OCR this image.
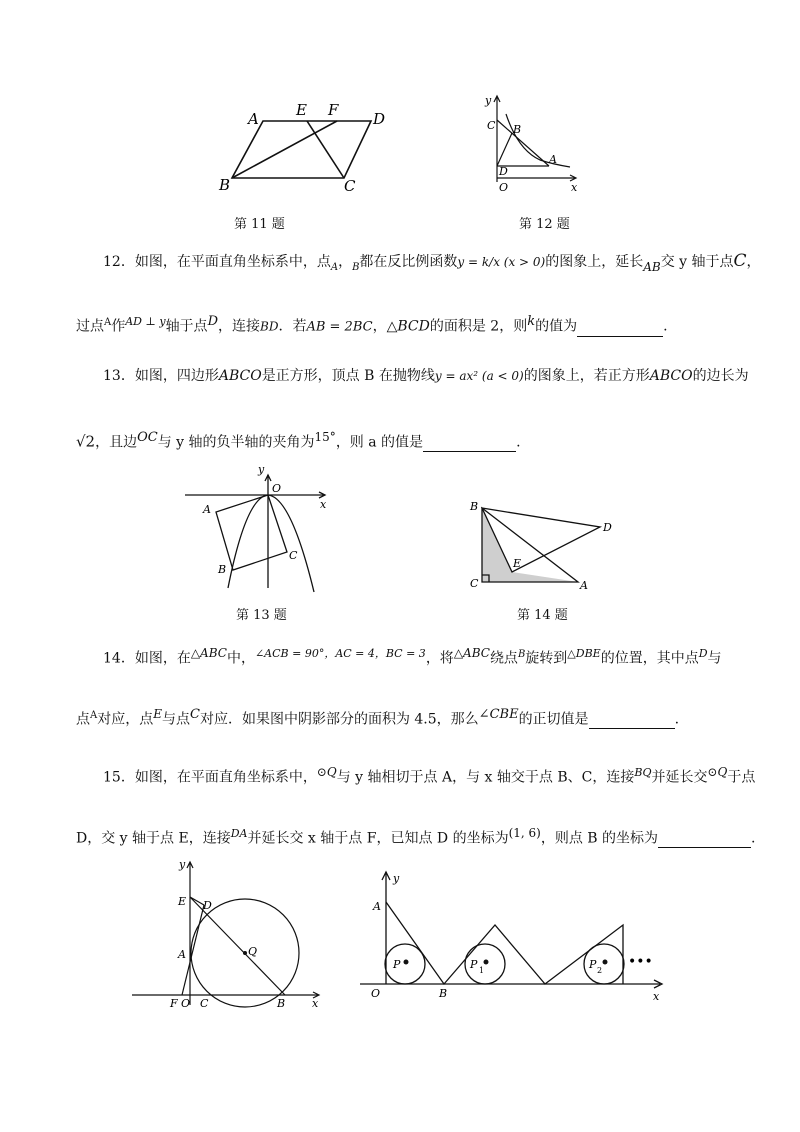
A E F D
B	C
y
C B
A
D
O	x
第 11 题	第 12 题
12．如图，在平面直角坐标系中，点$_A$，$_B$都在反比例函数y = k/x (x > 0)的图象上，延长AB交 y 轴于点C，
过点$^A$作$^{AD \perp y}$轴于点$^D$，连接BD．若AB = 2BC，△BCD的面积是 2，则$^k$的值为	.
13．如图，四边形ABCO是正方形，顶点 B 在抛物线y = ax² (a < 0)的图象上，若正方形ABCO的边长为
√2，且边$^{OC}$与 y 轴的负半轴的夹角为$^{15^\circ}$，则 a 的值是	.
y
O
x
A
B
C
B
D
E
C	A
第 13 题	第 14 题
14．如图，在$^{\triangle ABC}$中，$^{\angle ACB = 90^\circ,AC = 4,BC = 3}$，将$^{\triangle ABC}$绕点$^B$旋转到$^{\triangle DBE}$的位置，其中点$^D$与
点$^A$对应，点$^E$与点$^C$对应．如果图中阴影部分的面积为 4.5，那么$^{\angle CBE}$的正切值是	.
15．如图，在平面直角坐标系中，$^{⊙Q}$与 y 轴相切于点 A，与 x 轴交于点 B、C，连接$^{BQ}$并延长交$^{⊙Q}$于点
D，交 y 轴于点 E，连接$^{DA}$并延长交 x 轴于点 F，已知点 D 的坐标为$^{(1, 6)}$，则点 B 的坐标为	.
y
E D
A	Q
F O C	B x
y
A
O	B
P	P 1	P 2
•••
x
